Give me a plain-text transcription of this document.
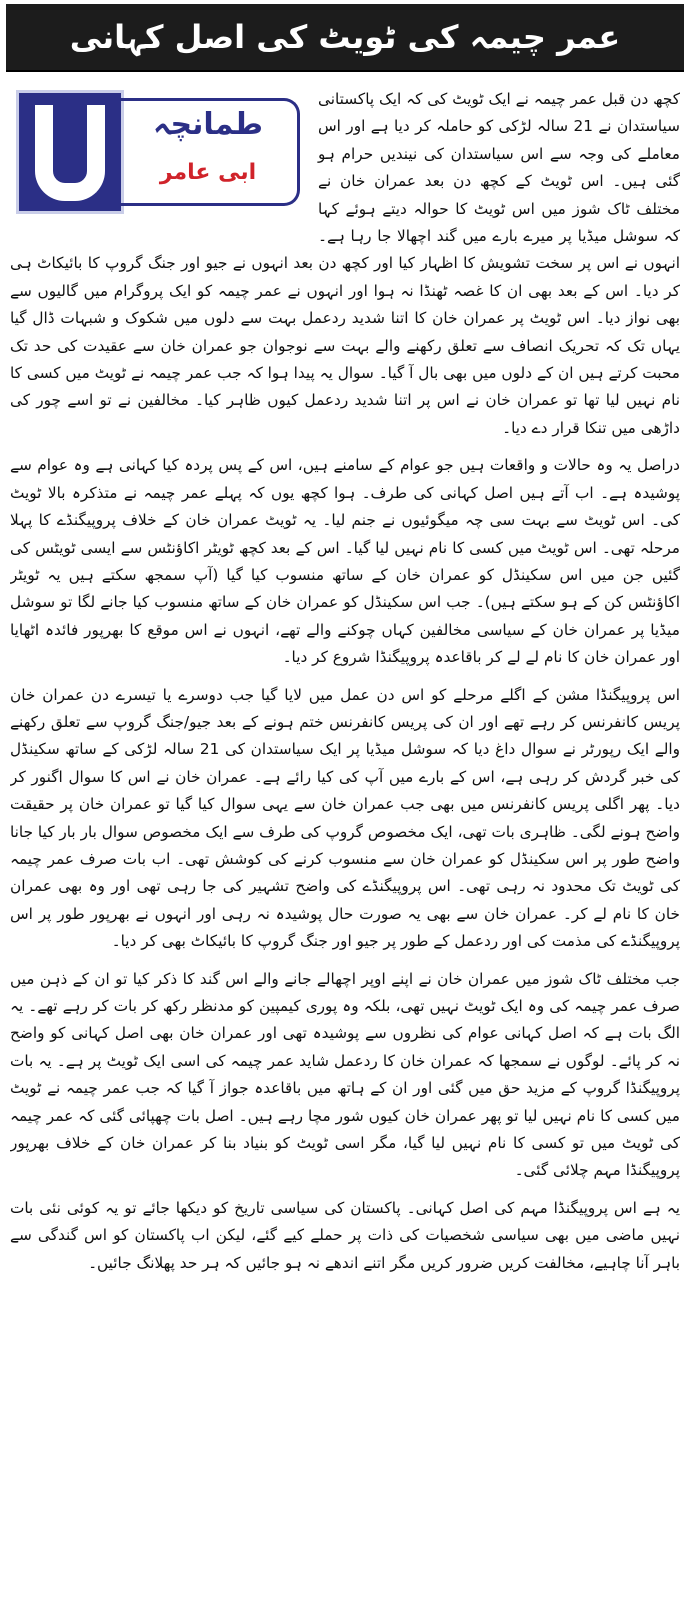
عمر چیمہ کی ٹویٹ کی اصل کہانی
طمانچہ
ابی عامر

کچھ دن قبل عمر چیمہ نے ایک ٹویٹ کی کہ ایک پاکستانی سیاستدان نے 21 سالہ لڑکی کو حاملہ کر دیا ہے اور اس معاملے کی وجہ سے اس سیاستدان کی نیندیں حرام ہو گئی ہیں۔ اس ٹویٹ کے کچھ دن بعد عمران خان نے مختلف ٹاک شوز میں اس ٹویٹ کا حوالہ دیتے ہوئے کہا کہ سوشل میڈیا پر میرے بارے میں گند اچھالا جا رہا ہے۔ انہوں نے اس پر سخت تشویش کا اظہار کیا اور کچھ دن بعد انہوں نے جیو اور جنگ گروپ کا بائیکاٹ ہی کر دیا۔ اس کے بعد بھی ان کا غصہ ٹھنڈا نہ ہوا اور انہوں نے عمر چیمہ کو ایک پروگرام میں گالیوں سے بھی نواز دیا۔ اس ٹویٹ پر عمران خان کا اتنا شدید ردعمل بہت سے دلوں میں شکوک و شبہات ڈال گیا یہاں تک کہ تحریک انصاف سے تعلق رکھنے والے بہت سے نوجوان جو عمران خان سے عقیدت کی حد تک محبت کرتے ہیں ان کے دلوں میں بھی بال آ گیا۔ سوال یہ پیدا ہوا کہ جب عمر چیمہ نے ٹویٹ میں کسی کا نام نہیں لیا تھا تو عمران خان نے اس پر اتنا شدید ردعمل کیوں ظاہر کیا۔ مخالفین نے تو اسے چور کی داڑھی میں تنکا قرار دے دیا۔

دراصل یہ وہ حالات و واقعات ہیں جو عوام کے سامنے ہیں، اس کے پس پردہ کیا کہانی ہے وہ عوام سے پوشیدہ ہے۔ اب آتے ہیں اصل کہانی کی طرف۔ ہوا کچھ یوں کہ پہلے عمر چیمہ نے متذکرہ بالا ٹویٹ کی۔ اس ٹویٹ سے بہت سی چہ میگوئیوں نے جنم لیا۔ یہ ٹویٹ عمران خان کے خلاف پروپیگنڈے کا پہلا مرحلہ تھی۔ اس ٹویٹ میں کسی کا نام نہیں لیا گیا۔ اس کے بعد کچھ ٹویٹر اکاؤنٹس سے ایسی ٹویٹس کی گئیں جن میں اس سکینڈل کو عمران خان کے ساتھ منسوب کیا گیا (آپ سمجھ سکتے ہیں یہ ٹویٹر اکاؤنٹس کن کے ہو سکتے ہیں)۔ جب اس سکینڈل کو عمران خان کے ساتھ منسوب کیا جانے لگا تو سوشل میڈیا پر عمران خان کے سیاسی مخالفین کہاں چوکنے والے تھے، انہوں نے اس موقع کا بھرپور فائدہ اٹھایا اور عمران خان کا نام لے لے کر باقاعدہ پروپیگنڈا شروع کر دیا۔

اس پروپیگنڈا مشن کے اگلے مرحلے کو اس دن عمل میں لایا گیا جب دوسرے یا تیسرے دن عمران خان پریس کانفرنس کر رہے تھے اور ان کی پریس کانفرنس ختم ہونے کے بعد جیو/جنگ گروپ سے تعلق رکھنے والے ایک رپورٹر نے سوال داغ دیا کہ سوشل میڈیا پر ایک سیاستدان کی 21 سالہ لڑکی کے ساتھ سکینڈل کی خبر گردش کر رہی ہے، اس کے بارے میں آپ کی کیا رائے ہے۔ عمران خان نے اس کا سوال اگنور کر دیا۔ پھر اگلی پریس کانفرنس میں بھی جب عمران خان سے یہی سوال کیا گیا تو عمران خان پر حقیقت واضح ہونے لگی۔ ظاہری بات تھی، ایک مخصوص گروپ کی طرف سے ایک مخصوص سوال بار بار کیا جانا واضح طور پر اس سکینڈل کو عمران خان سے منسوب کرنے کی کوشش تھی۔ اب بات صرف عمر چیمہ کی ٹویٹ تک محدود نہ رہی تھی۔ اس پروپیگنڈے کی واضح تشہیر کی جا رہی تھی اور وہ بھی عمران خان کا نام لے کر۔ عمران خان سے بھی یہ صورت حال پوشیدہ نہ رہی اور انہوں نے بھرپور طور پر اس پروپیگنڈے کی مذمت کی اور ردعمل کے طور پر جیو اور جنگ گروپ کا بائیکاٹ بھی کر دیا۔

جب مختلف ٹاک شوز میں عمران خان نے اپنے اوپر اچھالے جانے والے اس گند کا ذکر کیا تو ان کے ذہن میں صرف عمر چیمہ کی وہ ایک ٹویٹ نہیں تھی، بلکہ وہ پوری کیمپین کو مدنظر رکھ کر بات کر رہے تھے۔ یہ الگ بات ہے کہ اصل کہانی عوام کی نظروں سے پوشیدہ تھی اور عمران خان بھی اصل کہانی کو واضح نہ کر پائے۔ لوگوں نے سمجھا کہ عمران خان کا ردعمل شاید عمر چیمہ کی اسی ایک ٹویٹ پر ہے۔ یہ بات پروپیگنڈا گروپ کے مزید حق میں گئی اور ان کے ہاتھ میں باقاعدہ جواز آ گیا کہ جب عمر چیمہ نے ٹویٹ میں کسی کا نام نہیں لیا تو پھر عمران خان کیوں شور مچا رہے ہیں۔ اصل بات چھپائی گئی کہ عمر چیمہ کی ٹویٹ میں تو کسی کا نام نہیں لیا گیا، مگر اسی ٹویٹ کو بنیاد بنا کر عمران خان کے خلاف بھرپور پروپیگنڈا مہم چلائی گئی۔

یہ ہے اس پروپیگنڈا مہم کی اصل کہانی۔ پاکستان کی سیاسی تاریخ کو دیکھا جائے تو یہ کوئی نئی بات نہیں ماضی میں بھی سیاسی شخصیات کی ذات پر حملے کیے گئے، لیکن اب پاکستان کو اس گندگی سے باہر آنا چاہیے، مخالفت کریں ضرور کریں مگر اتنے اندھے نہ ہو جائیں کہ ہر حد پھلانگ جائیں۔
